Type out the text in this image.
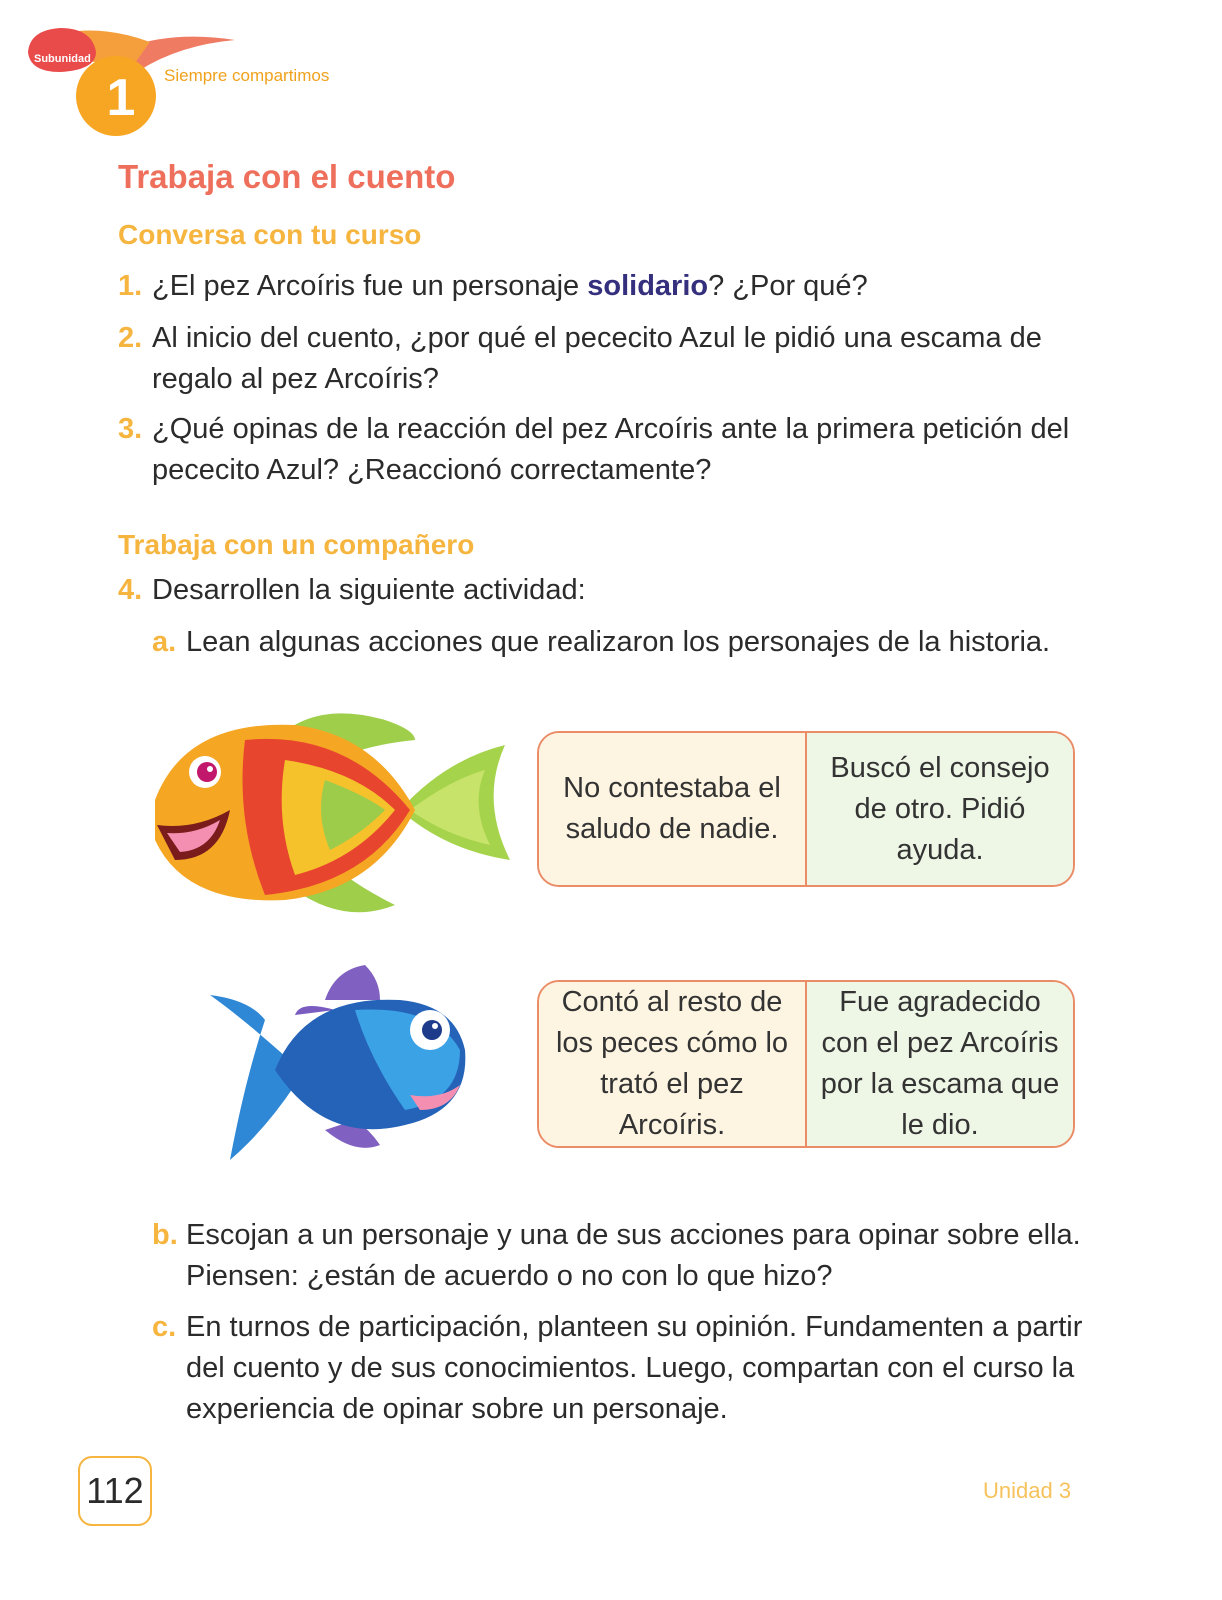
Subunidad
1	Siempre compartimos
Trabaja con el cuento
Conversa con tu curso
1. ¿El pez Arcoíris fue un personaje solidario? ¿Por qué?
2. Al inicio del cuento, ¿por qué el pececito Azul le pidió una escama de regalo al pez Arcoíris?
3. ¿Qué opinas de la reacción del pez Arcoíris ante la primera petición del pececito Azul? ¿Reaccionó correctamente?
Trabaja con un compañero
4. Desarrollen la siguiente actividad:
a. Lean algunas acciones que realizaron los personajes de la historia.
No contestaba el saludo de nadie.
Buscó el consejo de otro. Pidió ayuda.
Contó al resto de los peces cómo lo trató el pez Arcoíris.
Fue agradecido con el pez Arcoíris por la escama que le dio.
b. Escojan a un personaje y una de sus acciones para opinar sobre ella. Piensen: ¿están de acuerdo o no con lo que hizo?
c. En turnos de participación, planteen su opinión. Fundamenten a partir del cuento y de sus conocimientos. Luego, compartan con el curso la experiencia de opinar sobre un personaje.
112	Unidad 3
